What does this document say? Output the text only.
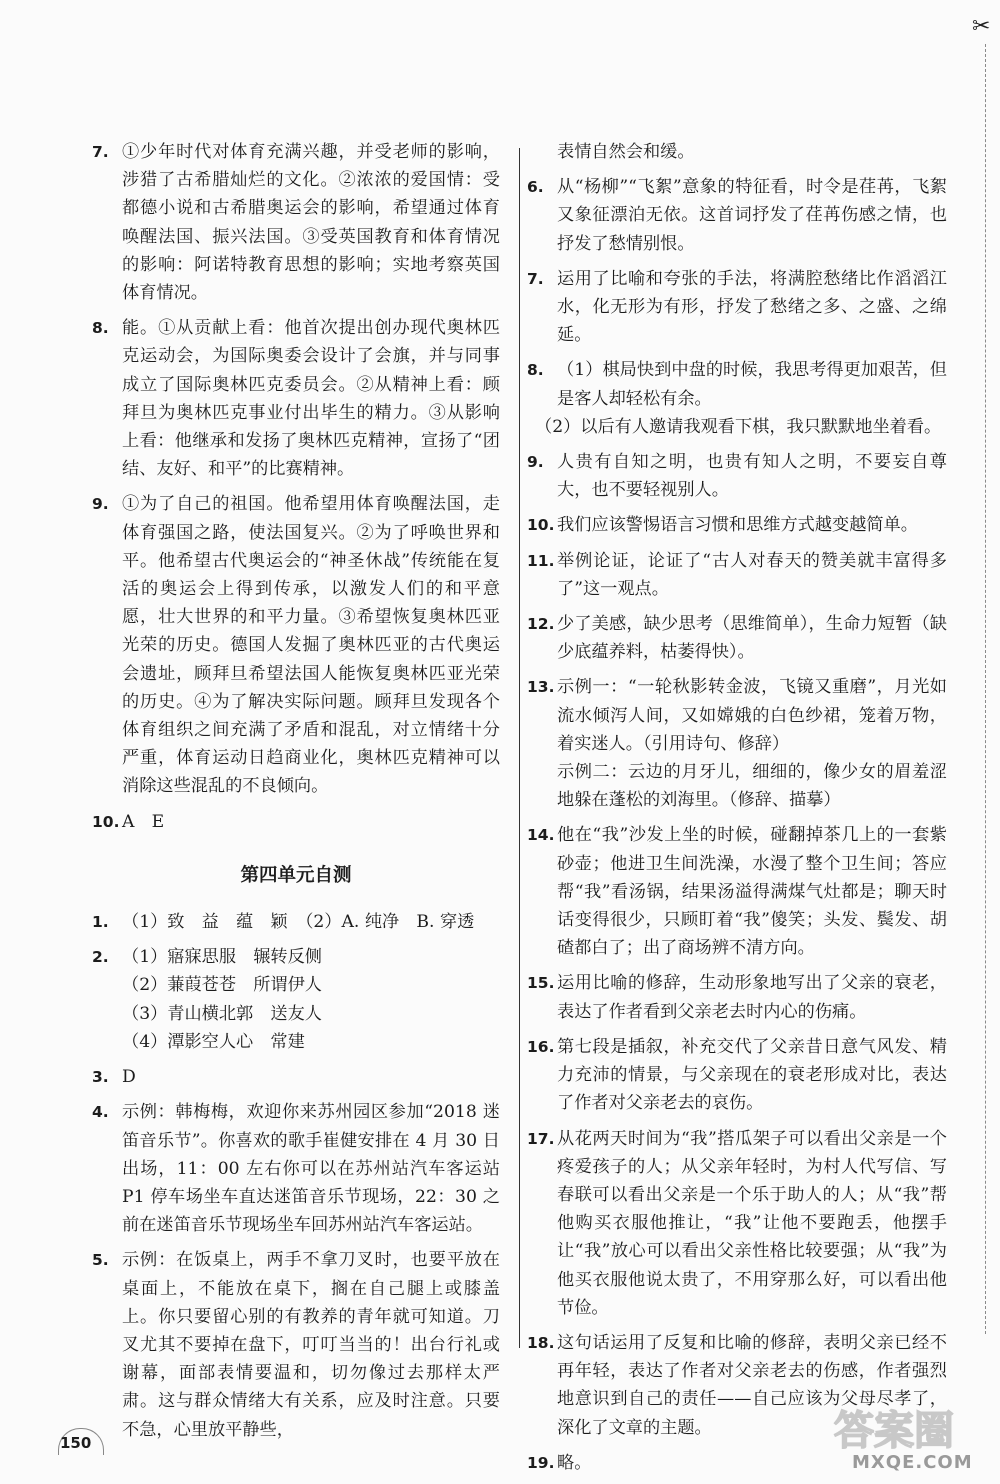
✂
7. ①少年时代对体育充满兴趣，并受老师的影响，涉猎了古希腊灿烂的文化。②浓浓的爱国情：受都德小说和古希腊奥运会的影响，希望通过体育唤醒法国、振兴法国。③受英国教育和体育情况的影响：阿诺特教育思想的影响；实地考察英国体育情况。
8. 能。①从贡献上看：他首次提出创办现代奥林匹克运动会，为国际奥委会设计了会旗，并与同事成立了国际奥林匹克委员会。②从精神上看：顾拜旦为奥林匹克事业付出毕生的精力。③从影响上看：他继承和发扬了奥林匹克精神，宣扬了“团结、友好、和平”的比赛精神。
9. ①为了自己的祖国。他希望用体育唤醒法国，走体育强国之路，使法国复兴。②为了呼唤世界和平。他希望古代奥运会的“神圣休战”传统能在复活的奥运会上得到传承，以激发人们的和平意愿，壮大世界的和平力量。③希望恢复奥林匹亚光荣的历史。德国人发掘了奥林匹亚的古代奥运会遗址，顾拜旦希望法国人能恢复奥林匹亚光荣的历史。④为了解决实际问题。顾拜旦发现各个体育组织之间充满了矛盾和混乱，对立情绪十分严重，体育运动日趋商业化，奥林匹克精神可以消除这些混乱的不良倾向。
10. A　E
第四单元自测
1. （1）致　益　蕴　颖　（2）A. 纯净　B. 穿透
2. （1）寤寐思服　辗转反侧
（2）蒹葭苍苍　所谓伊人
（3）青山横北郭　送友人
（4）潭影空人心　常建
3. D
4. 示例：韩梅梅，欢迎你来苏州园区参加“2018 迷笛音乐节”。你喜欢的歌手崔健安排在 4 月 30 日出场，11：00 左右你可以在苏州站汽车客运站 P1 停车场坐车直达迷笛音乐节现场，22：30 之前在迷笛音乐节现场坐车回苏州站汽车客运站。
5. 示例：在饭桌上，两手不拿刀叉时，也要平放在桌面上，不能放在桌下，搁在自己腿上或膝盖上。你只要留心别的有教养的青年就可知道。刀叉尤其不要掉在盘下，叮叮当当的！出台行礼或谢幕，面部表情要温和，切勿像过去那样太严肃。这与群众情绪大有关系，应及时注意。只要不急，心里放平静些，
表情自然会和缓。
6. 从“杨柳”“飞絮”意象的特征看，时令是荏苒，飞絮又象征漂泊无依。这首词抒发了荏苒伤感之情，也抒发了愁情别恨。
7. 运用了比喻和夸张的手法，将满腔愁绪比作滔滔江水，化无形为有形，抒发了愁绪之多、之盛、之绵延。
8. （1）棋局快到中盘的时候，我思考得更加艰苦，但是客人却轻松有余。
（2）以后有人邀请我观看下棋，我只默默地坐着看。
9. 人贵有自知之明，也贵有知人之明，不要妄自尊大，也不要轻视别人。
10. 我们应该警惕语言习惯和思维方式越变越简单。
11. 举例论证，论证了“古人对春天的赞美就丰富得多了”这一观点。
12. 少了美感，缺少思考（思维简单），生命力短暂（缺少底蕴养料，枯萎得快）。
13. 示例一：“一轮秋影转金波，飞镜又重磨”，月光如流水倾泻人间，又如嫦娥的白色纱裙，笼着万物，着实迷人。（引用诗句、修辞）
示例二：云边的月牙儿，细细的，像少女的眉羞涩地躲在蓬松的刘海里。（修辞、描摹）
14. 他在“我”沙发上坐的时候，碰翻掉茶几上的一套紫砂壶；他进卫生间洗澡，水漫了整个卫生间；答应帮“我”看汤锅，结果汤溢得满煤气灶都是；聊天时话变得很少，只顾盯着“我”傻笑；头发、鬓发、胡碴都白了；出了商场辨不清方向。
15. 运用比喻的修辞，生动形象地写出了父亲的衰老，表达了作者看到父亲老去时内心的伤痛。
16. 第七段是插叙，补充交代了父亲昔日意气风发、精力充沛的情景，与父亲现在的衰老形成对比，表达了作者对父亲老去的哀伤。
17. 从花两天时间为“我”搭瓜架子可以看出父亲是一个疼爱孩子的人；从父亲年轻时，为村人代写信、写春联可以看出父亲是一个乐于助人的人；从“我”帮他购买衣服他推让，“我”让他不要跑丢，他摆手让“我”放心可以看出父亲性格比较要强；从“我”为他买衣服他说太贵了，不用穿那么好，可以看出他节俭。
18. 这句话运用了反复和比喻的修辞，表明父亲已经不再年轻，表达了作者对父亲老去的伤感，作者强烈地意识到自己的责任——自己应该为父母尽孝了，深化了文章的主题。
19. 略。
150	答案圈
MXQE.COM
